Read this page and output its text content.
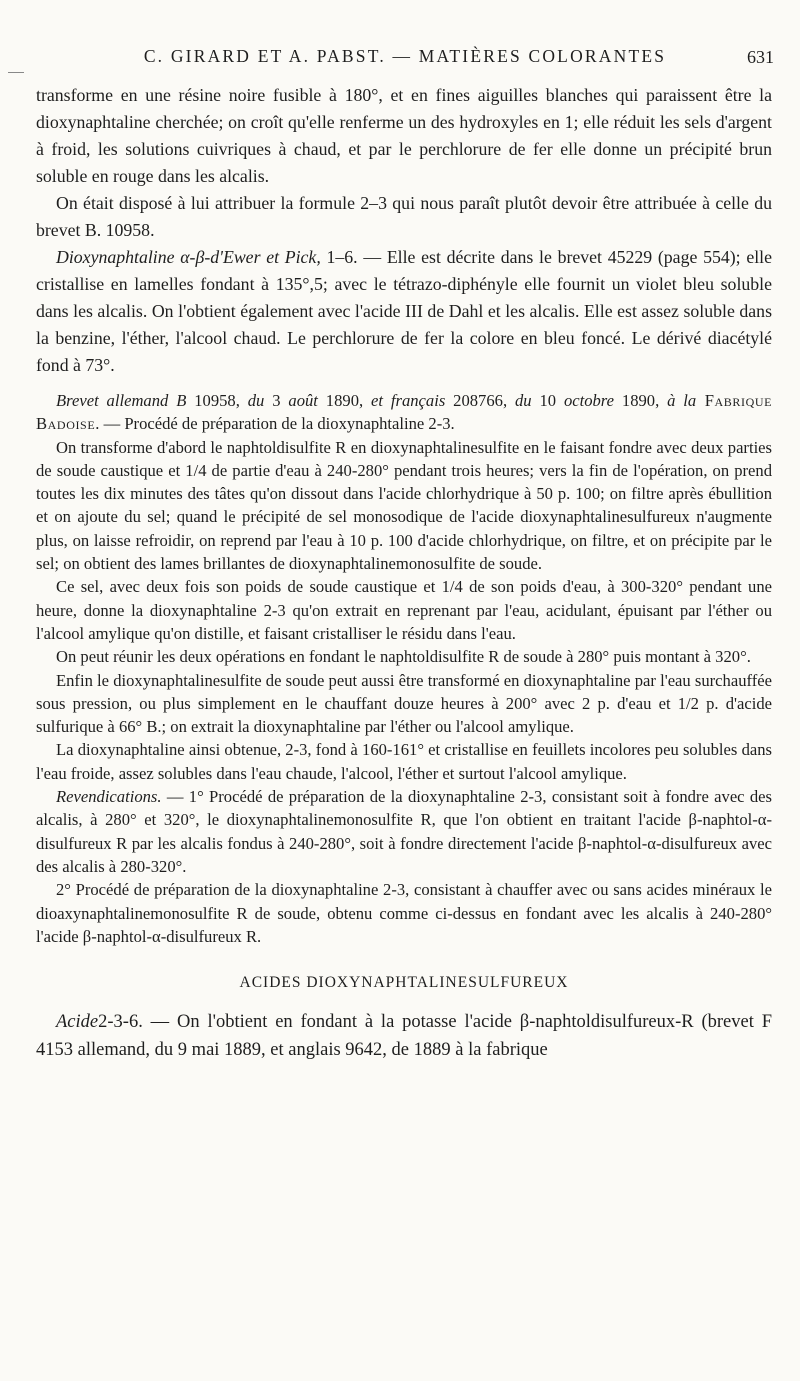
C. GIRARD ET A. PABST. — MATIÈRES COLORANTES	631

transforme en une résine noire fusible à 180°, et en fines aiguilles blanches qui paraissent être la dioxynaphtaline cherchée; on croît qu'elle renferme un des hydroxyles en 1; elle réduit les sels d'argent à froid, les solutions cuivriques à chaud, et par le perchlorure de fer elle donne un précipité brun soluble en rouge dans les alcalis.

On était disposé à lui attribuer la formule 2–3 qui nous paraît plutôt devoir être attribuée à celle du brevet B. 10958.

Dioxynaphtaline α-β-d'Ewer et Pick, 1–6. — Elle est décrite dans le brevet 45229 (page 554); elle cristallise en lamelles fondant à 135°,5; avec le tétrazo-diphényle elle fournit un violet bleu soluble dans les alcalis. On l'obtient également avec l'acide III de Dahl et les alcalis. Elle est assez soluble dans la benzine, l'éther, l'alcool chaud. Le perchlorure de fer la colore en bleu foncé. Le dérivé diacétylé fond à 73°.

Brevet allemand B 10958, du 3 août 1890, et français 208766, du 10 octobre 1890, à la Fabrique Badoise. — Procédé de préparation de la dioxynaphtaline 2-3.

On transforme d'abord le naphtoldisulfite R en dioxynaphtalinesulfite en le faisant fondre avec deux parties de soude caustique et 1/4 de partie d'eau à 240-280° pendant trois heures; vers la fin de l'opération, on prend toutes les dix minutes des tâtes qu'on dissout dans l'acide chlorhydrique à 50 p. 100; on filtre après ébullition et on ajoute du sel; quand le précipité de sel monosodique de l'acide dioxynaphtalinesulfureux n'augmente plus, on laisse refroidir, on reprend par l'eau à 10 p. 100 d'acide chlorhydrique, on filtre, et on précipite par le sel; on obtient des lames brillantes de dioxynaphtalinemonosulfite de soude.

Ce sel, avec deux fois son poids de soude caustique et 1/4 de son poids d'eau, à 300-320° pendant une heure, donne la dioxynaphtaline 2-3 qu'on extrait en reprenant par l'eau, acidulant, épuisant par l'éther ou l'alcool amylique qu'on distille, et faisant cristalliser le résidu dans l'eau.

On peut réunir les deux opérations en fondant le naphtoldisulfite R de soude à 280° puis montant à 320°.

Enfin le dioxynaphtalinesulfite de soude peut aussi être transformé en dioxynaphtaline par l'eau surchauffée sous pression, ou plus simplement en le chauffant douze heures à 200° avec 2 p. d'eau et 1/2 p. d'acide sulfurique à 66° B.; on extrait la dioxynaphtaline par l'éther ou l'alcool amylique.

La dioxynaphtaline ainsi obtenue, 2-3, fond à 160-161° et cristallise en feuillets incolores peu solubles dans l'eau froide, assez solubles dans l'eau chaude, l'alcool, l'éther et surtout l'alcool amylique.

Revendications. — 1° Procédé de préparation de la dioxynaphtaline 2-3, consistant soit à fondre avec des alcalis, à 280° et 320°, le dioxynaphtalinemonosulfite R, que l'on obtient en traitant l'acide β-naphtol-α-disulfureux R par les alcalis fondus à 240-280°, soit à fondre directement l'acide β-naphtol-α-disulfureux avec des alcalis à 280-320°.

2° Procédé de préparation de la dioxynaphtaline 2-3, consistant à chauffer avec ou sans acides minéraux le dioaxynaphtalinemonosulfite R de soude, obtenu comme ci-dessus en fondant avec les alcalis à 240-280° l'acide β-naphtol-α-disulfureux R.

ACIDES DIOXYNAPHTALINESULFUREUX

Acide2-3-6. — On l'obtient en fondant à la potasse l'acide β-naphtoldisulfureux-R (brevet F 4153 allemand, du 9 mai 1889, et anglais 9642, de 1889 à la fabrique
